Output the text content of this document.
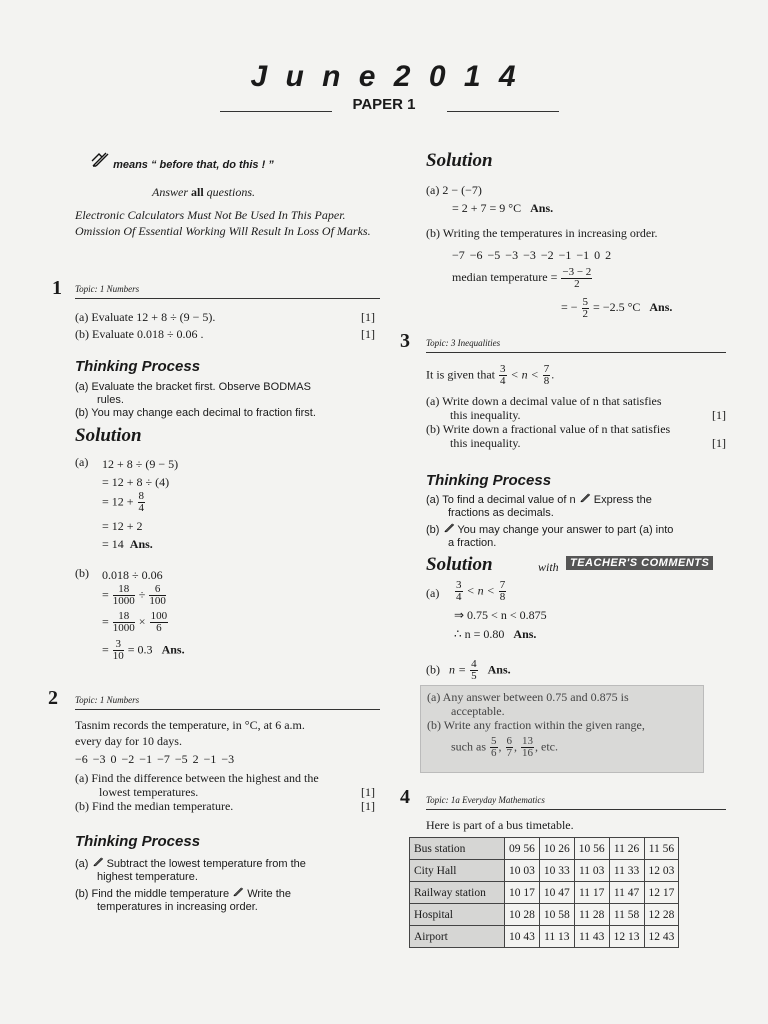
J u n e 2 0 1 4
PAPER 1
means “ before that, do this ! ”
Answer all questions.
Electronic Calculators Must Not Be Used In This Paper.
Omission Of Essential Working Will Result In Loss Of Marks.
1 Topic: 1 Numbers
(a) Evaluate 12 + 8 ÷ (9 − 5).	[1]
(b) Evaluate 0.018 ÷ 0.06 .	[1]
Thinking Process
(a) Evaluate the bracket first. Observe BODMAS
rules.
(b) You may change each decimal to fraction first.
Solution
(a) 12 + 8 ÷ (9 − 5)
= 12 + 8 ÷ (4)
= $12 + \frac{8}{4}$
= 12 + 2
= 14 Ans.
(b) 0.018 ÷ 0.06
= $\frac{18}{1000} \div \frac{6}{100}$
= $\frac{18}{1000} \times \frac{100}{6}$
= $\frac{3}{10} = 0.3$ Ans.
2 Topic: 1 Numbers
Tasnim records the temperature, in °C, at 6 a.m.
every day for 10 days.
−6 −3 0 −2 −1 −7 −5 2 −1 −3
(a) Find the difference between the highest and the
lowest temperatures.	[1]
(b) Find the median temperature.	[1]
Thinking Process
(a)  Subtract the lowest temperature from the
highest temperature.
(b) Find the middle temperature Write the
temperatures in increasing order.
Solution
(a) 2 − (−7)
= 2 + 7 = 9 °C Ans.
(b) Writing the temperatures in increasing order.
−7 −6 −5 −3 −3 −2 −1 −1 0 2
median temperature = $\frac{-3 - 2}{2}$
= − $\frac{5}{2} = -2.5$ °C Ans.
3 Topic: 3 Inequalities
It is given that $\frac{3}{4} < n < \frac{7}{8}$ .
(a) Write down a decimal value of n that satisfies
this inequality.	[1]
(b) Write down a fractional value of n that satisfies
this inequality.	[1]
Thinking Process
(a) To find a decimal value of n Express the
fractions as decimals.
(b)  You may change your answer to part (a) into
a fraction.
Solution	with	TEACHER'S COMMENTS
$(a) \frac{3}{4} < n < \frac{7}{8}$
⇒ 0.75 < n < 0.875
∴ n = 0.80 Ans.
(b) $n = \frac{4}{5}$ Ans.
(a) Any answer between 0.75 and 0.875 is
acceptable.
(b) Write any fraction within the given range,
such as $\frac{5}{6}$ , $\frac{6}{7}$ , $\frac{13}{16}$ , etc.
4 Topic: 1a Everyday Mathematics
Here is part of a bus timetable.
Bus station	09 56	10 26	10 56	11 26	11 56
City Hall	10 03	10 33	11 03	11 33	12 03
Railway station	10 17	10 47	11 17	11 47	12 17
Hospital	10 28	10 58	11 28	11 58	12 28
Airport	10 43	11 13	11 43	12 13	12 43
